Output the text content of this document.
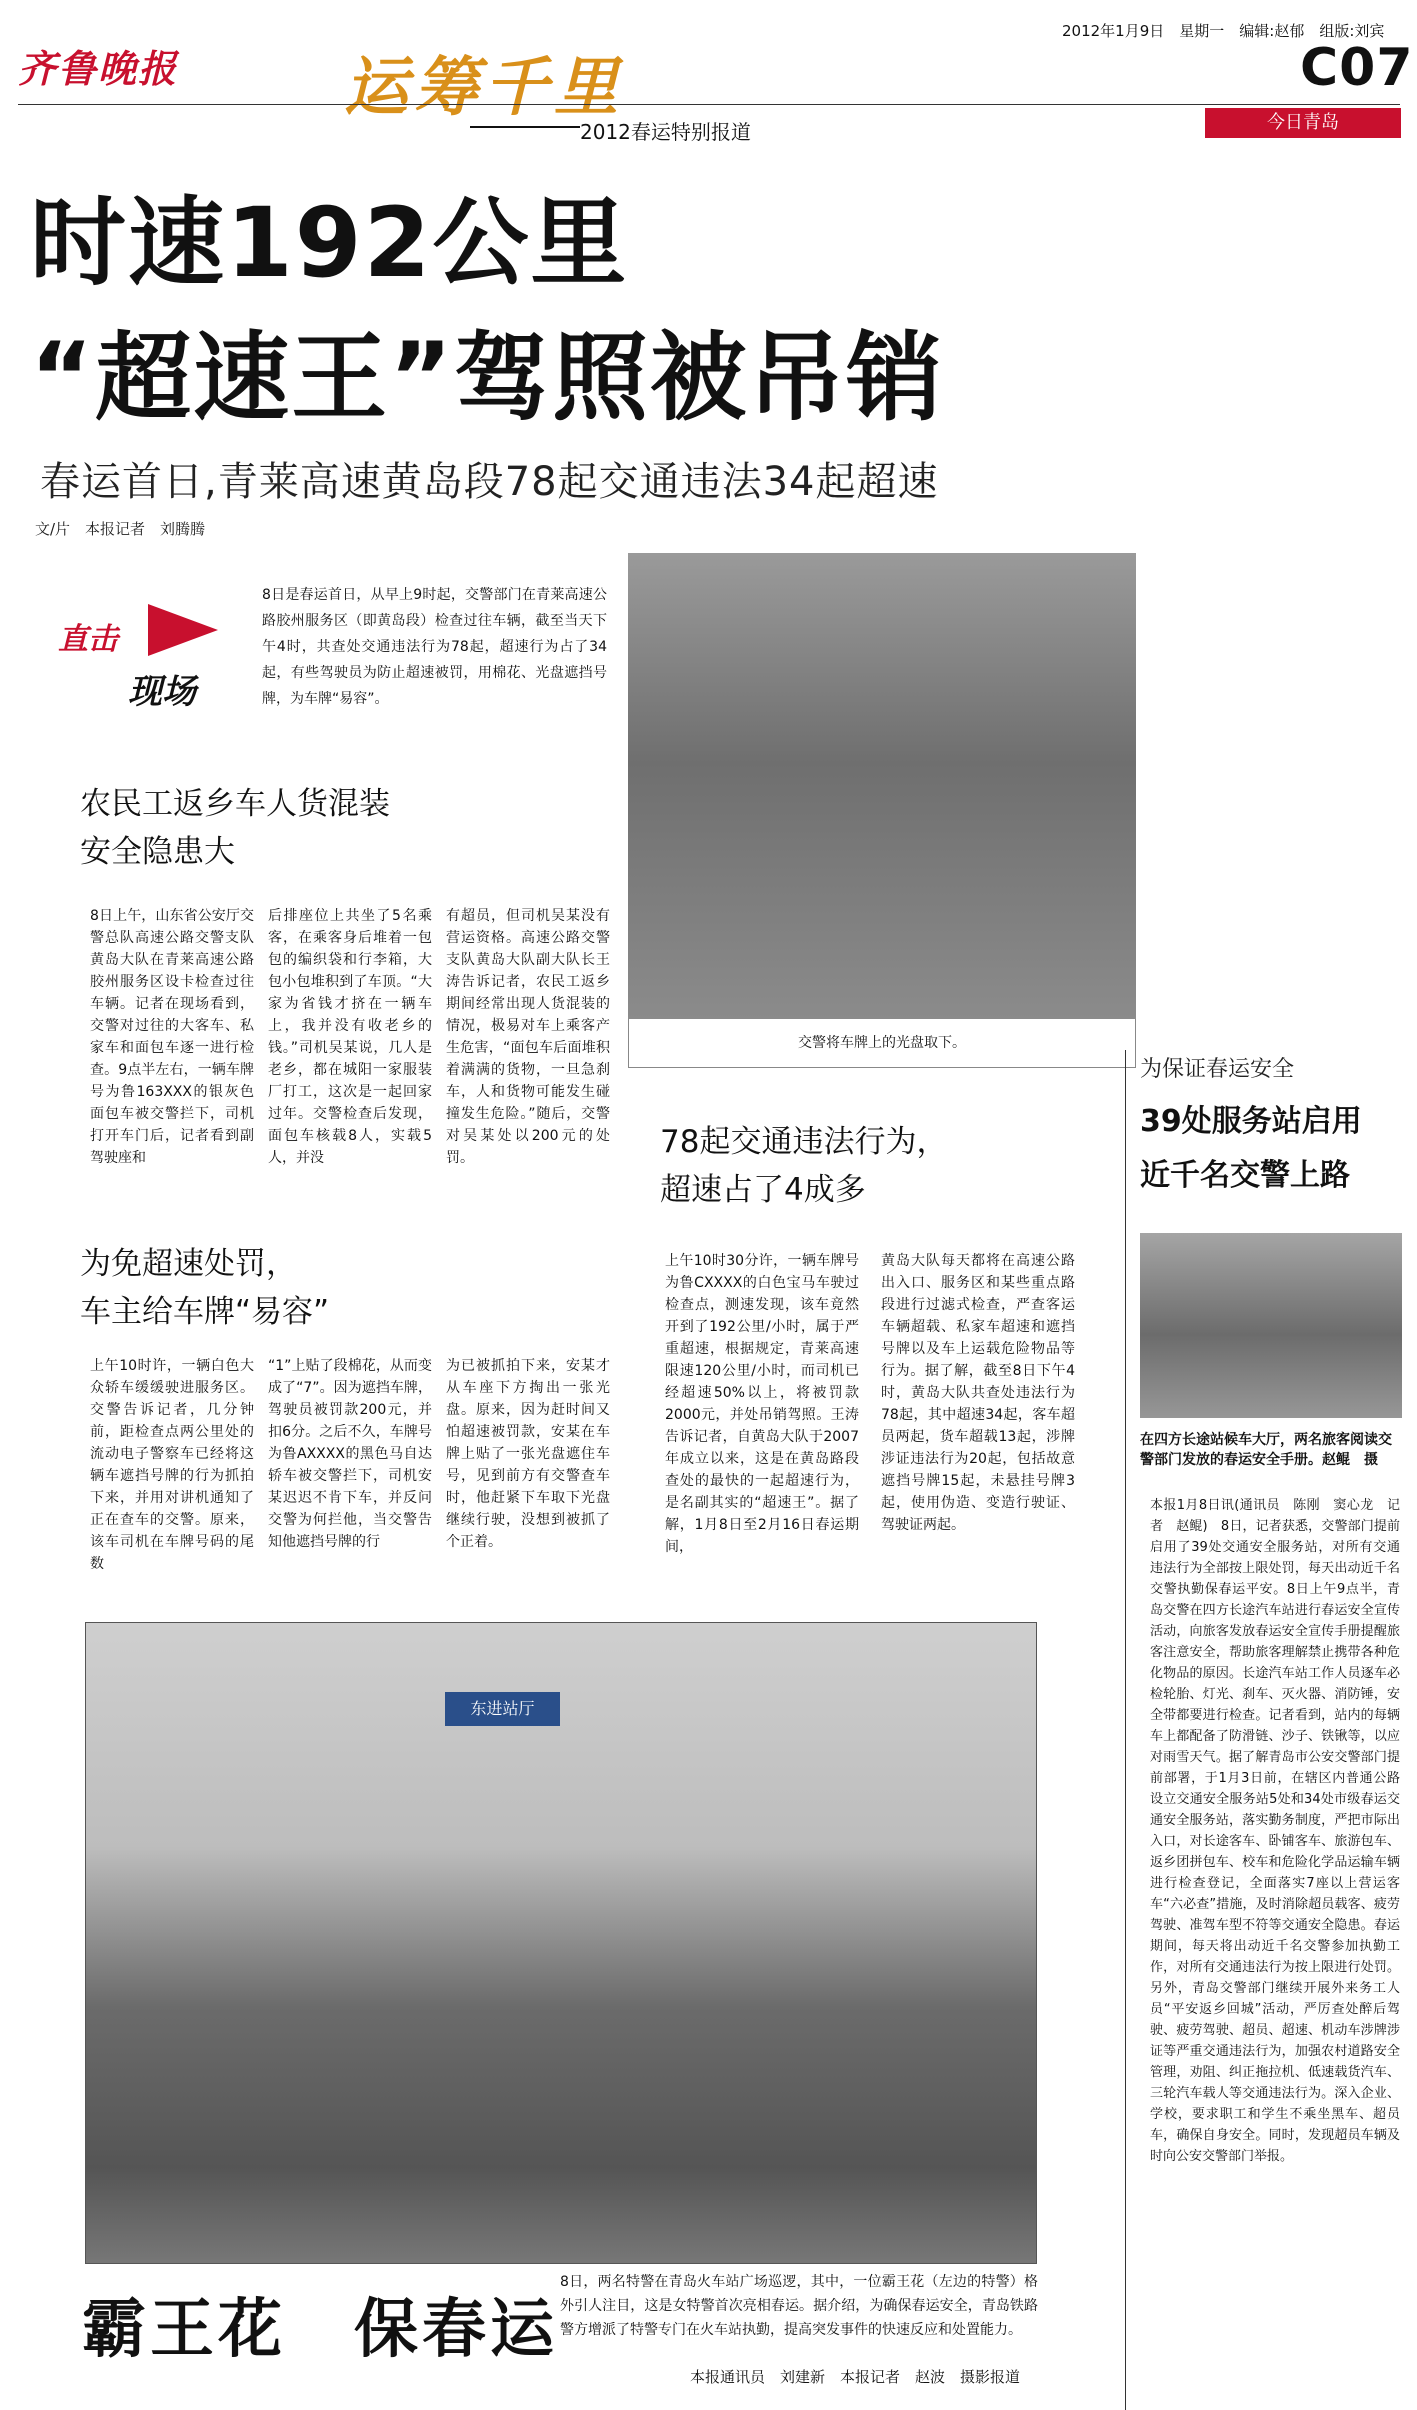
齐鲁晚报	运筹千里
2012春运特别报道
2012年1月9日　星期一　编辑:赵郁　组版:刘宾
C07
今日青岛
时速192公里
“超速王”驾照被吊销
春运首日,青莱高速黄岛段78起交通违法34起超速
文/片　本报记者　刘腾腾
直击
现场
8日是春运首日，从早上9时起，交警部门在青莱高速公路胶州服务区（即黄岛段）检查过往车辆，截至当天下午4时，共查处交通违法行为78起，超速行为占了34起，有些驾驶员为防止超速被罚，用棉花、光盘遮挡号牌，为车牌“易容”。
交警将车牌上的光盘取下。
农民工返乡车人货混装
安全隐患大
8日上午，山东省公安厅交警总队高速公路交警支队黄岛大队在青莱高速公路胶州服务区设卡检查过往车辆。记者在现场看到，交警对过往的大客车、私家车和面包车逐一进行检查。9点半左右，一辆车牌号为鲁163XXX的银灰色面包车被交警拦下，司机打开车门后，记者看到副驾驶座和
后排座位上共坐了5名乘客，在乘客身后堆着一包包的编织袋和行李箱，大包小包堆积到了车顶。“大家为省钱才挤在一辆车上，我并没有收老乡的钱。”司机吴某说，几人是老乡，都在城阳一家服装厂打工，这次是一起回家过年。交警检查后发现，面包车核载8人，实载5人，并没
有超员，但司机吴某没有营运资格。高速公路交警支队黄岛大队副大队长王涛告诉记者，农民工返乡期间经常出现人货混装的情况，极易对车上乘客产生危害，“面包车后面堆积着满满的货物，一旦急刹车，人和货物可能发生碰撞发生危险。”随后，交警对吴某处以200元的处罚。
为免超速处罚，
车主给车牌“易容”
上午10时许，一辆白色大众轿车缓缓驶进服务区。交警告诉记者，几分钟前，距检查点两公里处的流动电子警察车已经将这辆车遮挡号牌的行为抓拍下来，并用对讲机通知了正在查车的交警。原来，该车司机在车牌号码的尾数
“1”上贴了段棉花，从而变成了“7”。因为遮挡车牌，驾驶员被罚款200元，并扣6分。之后不久，车牌号为鲁AXXXX的黑色马自达轿车被交警拦下，司机安某迟迟不肯下车，并反问交警为何拦他，当交警告知他遮挡号牌的行
为已被抓拍下来，安某才从车座下方掏出一张光盘。原来，因为赶时间又怕超速被罚款，安某在车牌上贴了一张光盘遮住车号，见到前方有交警查车时，他赶紧下车取下光盘继续行驶，没想到被抓了个正着。
78起交通违法行为，
超速占了4成多
上午10时30分许，一辆车牌号为鲁CXXXX的白色宝马车驶过检查点，测速发现，该车竟然开到了192公里/小时，属于严重超速，根据规定，青莱高速限速120公里/小时，而司机已经超速50%以上，将被罚款2000元，并处吊销驾照。王涛告诉记者，自黄岛大队于2007年成立以来，这是在黄岛路段查处的最快的一起超速行为，是名副其实的“超速王”。据了解，1月8日至2月16日春运期间，
黄岛大队每天都将在高速公路出入口、服务区和某些重点路段进行过滤式检查，严查客运车辆超载、私家车超速和遮挡号牌以及车上运载危险物品等行为。据了解，截至8日下午4时，黄岛大队共查处违法行为78起，其中超速34起，客车超员两起，货车超载13起，涉牌涉证违法行为20起，包括故意遮挡号牌15起，未悬挂号牌3起，使用伪造、变造行驶证、驾驶证两起。
为保证春运安全
39处服务站启用
近千名交警上路
在四方长途站候车大厅，两名旅客阅读交警部门发放的春运安全手册。赵鲲　摄
本报1月8日讯(通讯员　陈刚　窦心龙　记者　赵鲲)　8日，记者获悉，交警部门提前启用了39处交通安全服务站，对所有交通违法行为全部按上限处罚，每天出动近千名交警执勤保春运平安。8日上午9点半，青岛交警在四方长途汽车站进行春运安全宣传活动，向旅客发放春运安全宣传手册提醒旅客注意安全，帮助旅客理解禁止携带各种危化物品的原因。长途汽车站工作人员逐车必检轮胎、灯光、刹车、灭火器、消防锤，安全带都要进行检查。记者看到，站内的每辆车上都配备了防滑链、沙子、铁锹等，以应对雨雪天气。据了解青岛市公安交警部门提前部署，于1月3日前，在辖区内普通公路设立交通安全服务站5处和34处市级春运交通安全服务站，落实勤务制度，严把市际出入口，对长途客车、卧铺客车、旅游包车、返乡团拼包车、校车和危险化学品运输车辆进行检查登记，全面落实7座以上营运客车“六必查”措施，及时消除超员载客、疲劳驾驶、准驾车型不符等交通安全隐患。春运期间，每天将出动近千名交警参加执勤工作，对所有交通违法行为按上限进行处罚。另外，青岛交警部门继续开展外来务工人员“平安返乡回城”活动，严厉查处醉后驾驶、疲劳驾驶、超员、超速、机动车涉牌涉证等严重交通违法行为，加强农村道路安全管理，劝阻、纠正拖拉机、低速载货汽车、三轮汽车载人等交通违法行为。深入企业、学校，要求职工和学生不乘坐黑车、超员车，确保自身安全。同时，发现超员车辆及时向公安交警部门举报。
东进站厅
霸王花　保春运
8日，两名特警在青岛火车站广场巡逻，其中，一位霸王花（左边的特警）格外引人注目，这是女特警首次亮相春运。据介绍，为确保春运安全，青岛铁路警方增派了特警专门在火车站执勤，提高突发事件的快速反应和处置能力。
本报通讯员　刘建新　本报记者　赵波　摄影报道
